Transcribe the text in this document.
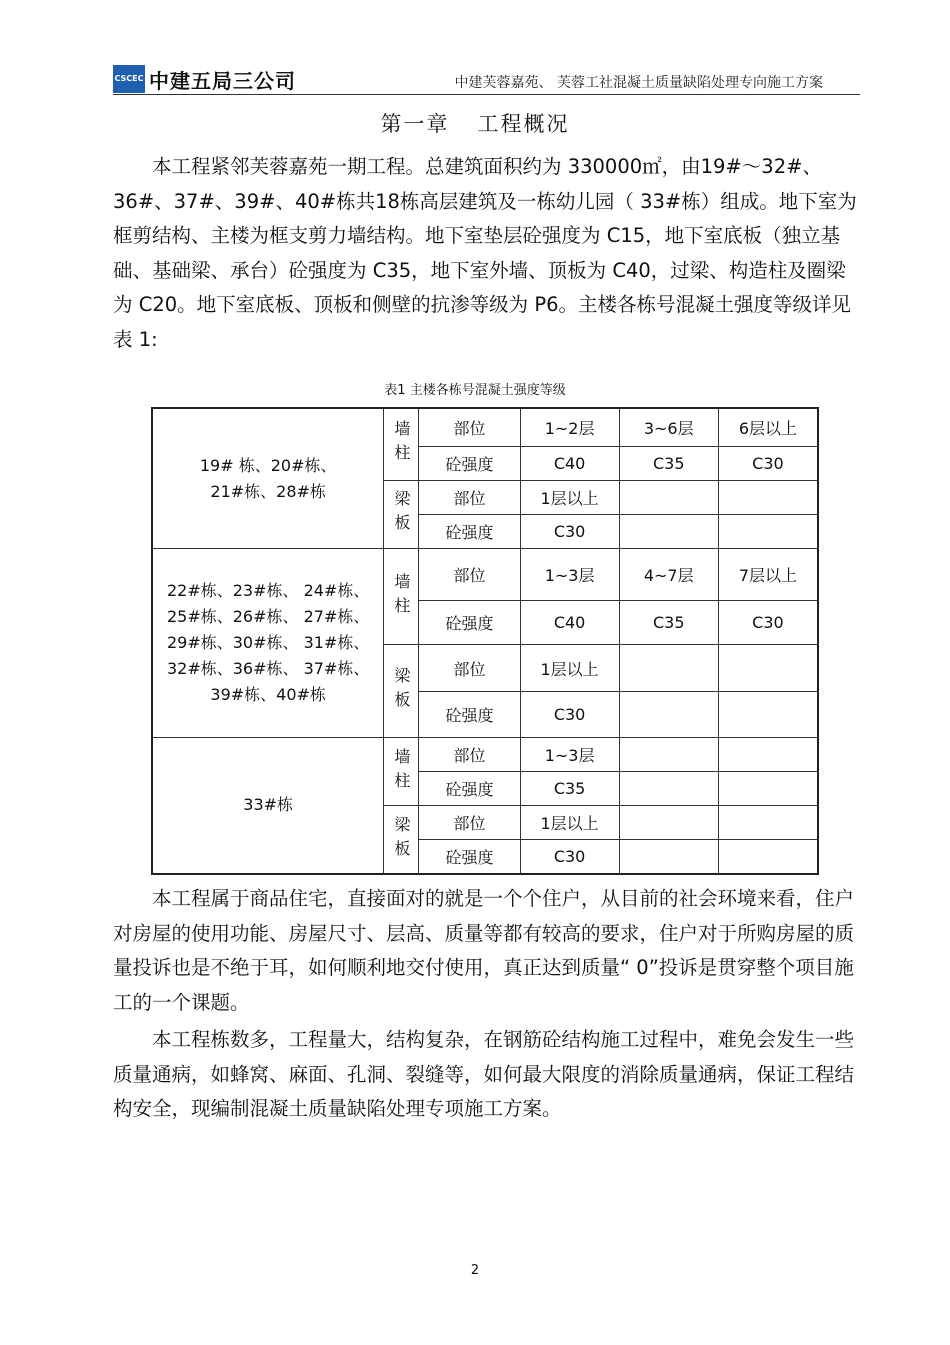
CSCEC 中建五局三公司	中建芙蓉嘉苑、 芙蓉工社混凝土质量缺陷处理专向施工方案
第一章 工程概况

本工程紧邻芙蓉嘉苑一期工程。总建筑面积约为 330000㎡，由19#～32#、36#、37#、39#、40#栋共18栋高层建筑及一栋幼儿园（ 33#栋）组成。地下室为框剪结构、主楼为框支剪力墙结构。地下室垫层砼强度为 C15，地下室底板（独立基础、基础梁、承台）砼强度为 C35，地下室外墙、顶板为 C40，过梁、构造柱及圈梁为 C20。地下室底板、顶板和侧壁的抗渗等级为 P6。主楼各栋号混凝土强度等级详见表 1:

表1 主楼各栋号混凝土强度等级
19# 栋、20#栋、
21#栋、28#栋	墙柱	部位	1~2层	3~6层	6层以上
		砼强度	C40	C35	C30
	梁板	部位	1层以上		
		砼强度	C30		

22#栋、23#栋、 24#栋、
25#栋、26#栋、 27#栋、
29#栋、30#栋、 31#栋、
32#栋、36#栋、 37#栋、
39#栋、40#栋	墙柱	部位	1~3层	4~7层	7层以上
		砼强度	C40	C35	C30
	梁板	部位	1层以上		
		砼强度	C30		

33#栋	墙柱	部位	1~3层		
		砼强度	C35		
	梁板	部位	1层以上		
		砼强度	C30		

本工程属于商品住宅，直接面对的就是一个个住户，从目前的社会环境来看，住户对房屋的使用功能、房屋尺寸、层高、质量等都有较高的要求，住户对于所购房屋的质量投诉也是不绝于耳，如何顺利地交付使用，真正达到质量“ 0”投诉是贯穿整个项目施工的一个课题。

本工程栋数多，工程量大，结构复杂，在钢筋砼结构施工过程中，难免会发生一些质量通病，如蜂窝、麻面、孔洞、裂缝等，如何最大限度的消除质量通病，保证工程结构安全，现编制混凝土质量缺陷处理专项施工方案。

2
